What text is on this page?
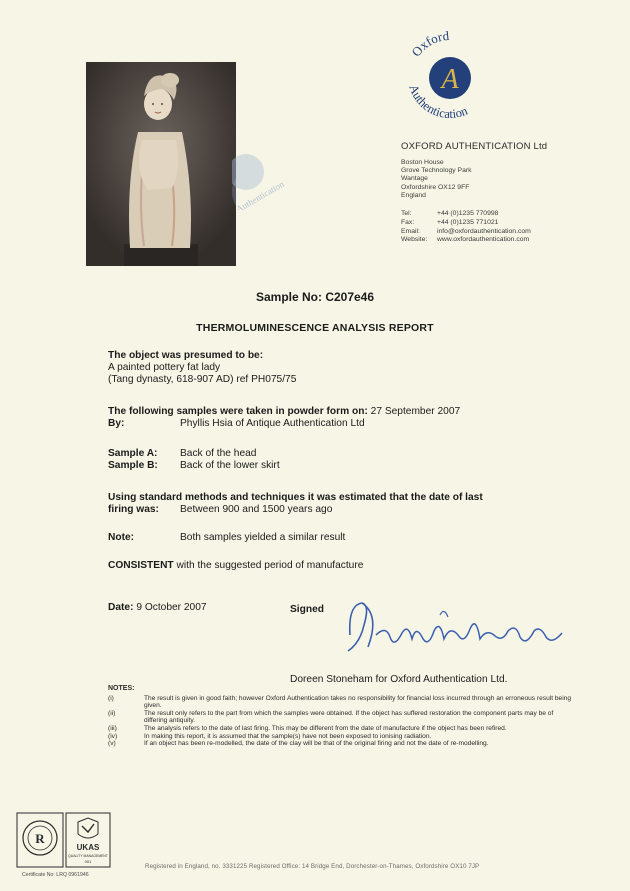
Authentication
Oxford
A
Authentication
OXFORD AUTHENTICATION Ltd
Boston House
Grove Technology Park
Wantage
Oxfordshire OX12 9FF
England
Tel:	+44 (0)1235 770998
Fax:	+44 (0)1235 771021
Email:	info@oxfordauthentication.com
Website: www.oxfordauthentication.com
Sample No: C207e46
THERMOLUMINESCENCE ANALYSIS REPORT
The object was presumed to be:
A painted pottery fat lady
(Tang dynasty, 618-907 AD) ref PH075/75
The following samples were taken in powder form on: 27 September 2007
By:	Phyllis Hsia of Antique Authentication Ltd
Sample A: Back of the head
Sample B: Back of the lower skirt
Using standard methods and techniques it was estimated that the date of last
firing was: Between 900 and 1500 years ago
Note:	Both samples yielded a similar result
CONSISTENT with the suggested period of manufacture
Date: 9 October 2007	Signed
Doreen Stoneham for Oxford Authentication Ltd.
NOTES:
(i)	The result is given in good faith; however Oxford Authentication takes no responsibility for financial loss incurred through an erroneous result being given.
(ii)	The result only refers to the part from which the samples were obtained. If the object has suffered restoration the component parts may be of differing antiquity.
(iii)	The analysis refers to the date of last firing. This may be different from the date of manufacture if the object has been refired.
(iv)	In making this report, it is assumed that the sample(s) have not been exposed to ionising radiation.
(v)	If an object has been re-modelled, the date of the clay will be that of the original firing and not the date of re-modelling.
R
UKAS
QUALITY MANAGEMENT
001
Certificate No: LRQ 0961946
Registered in England, no. 3331225 Registered Office: 14 Bridge End, Dorchester-on-Thames, Oxfordshire OX10 7JP
